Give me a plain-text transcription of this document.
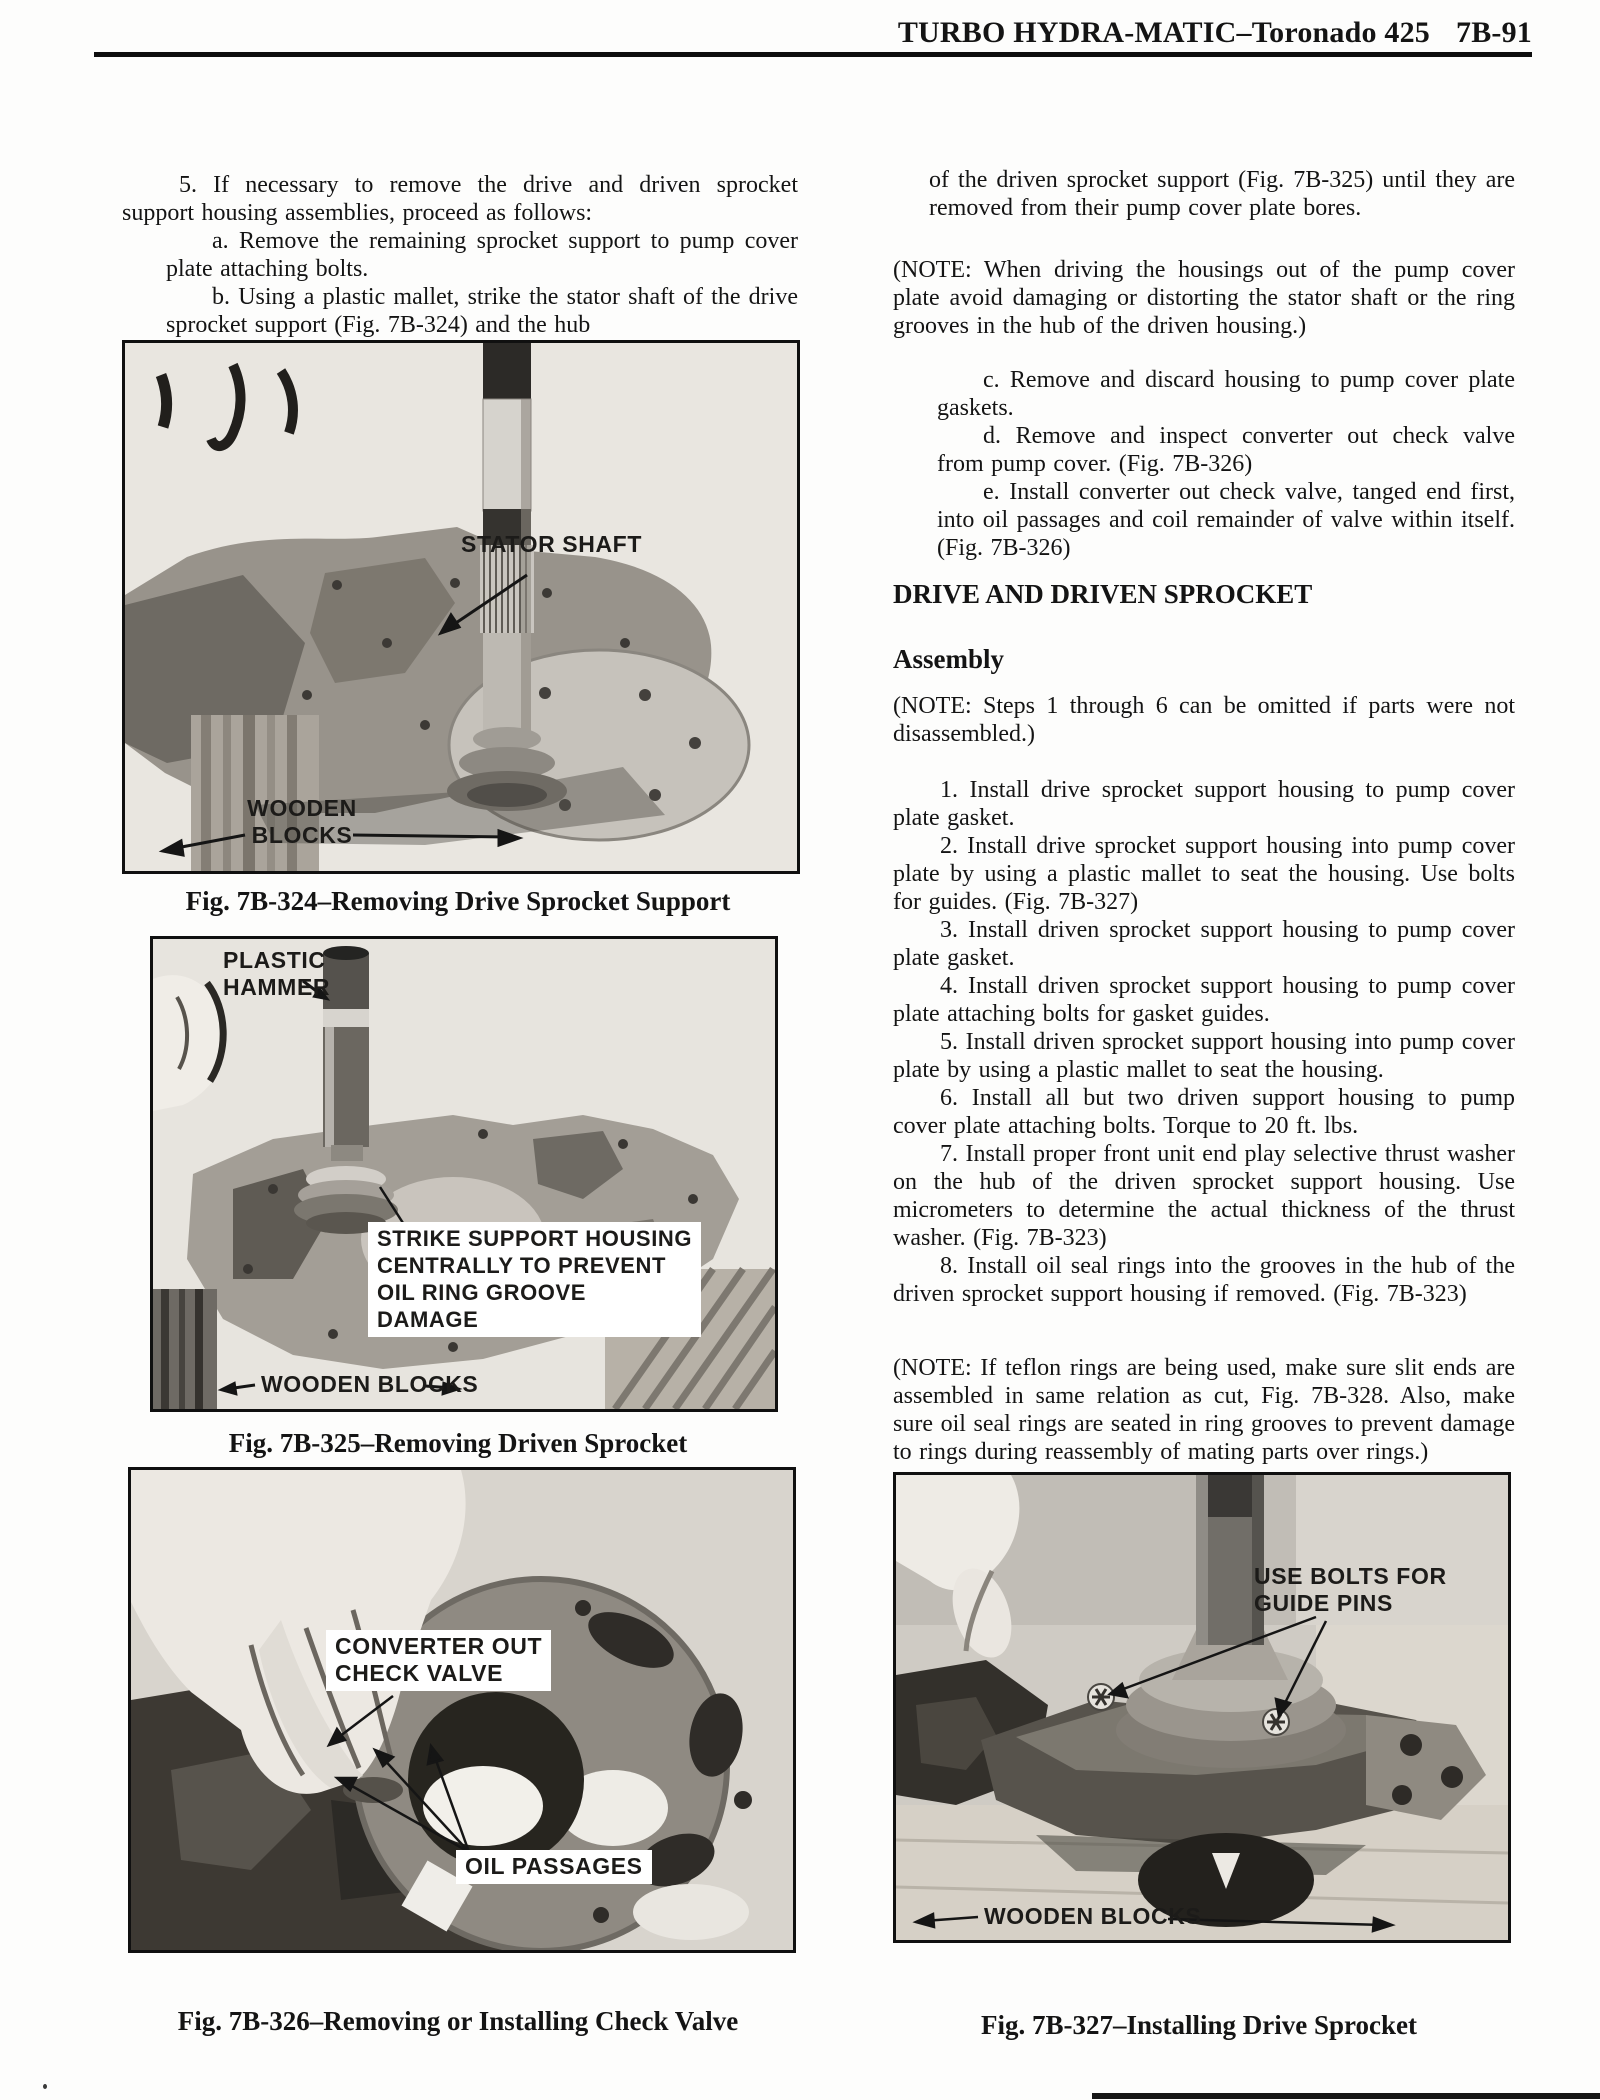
TURBO HYDRA-MATIC–Toronado 425 7B-91

5. If necessary to remove the drive and driven sprocket support housing assemblies, proceed as follows:

a. Remove the remaining sprocket support to pump cover plate attaching bolts.

b. Using a plastic mallet, strike the stator shaft of the drive sprocket support (Fig. 7B-324) and the hub

of the driven sprocket support (Fig. 7B-325) until they are removed from their pump cover plate bores.

(NOTE: When driving the housings out of the pump cover plate avoid damaging or distorting the stator shaft or the ring grooves in the hub of the driven housing.)

c. Remove and discard housing to pump cover plate gaskets.

d. Remove and inspect converter out check valve from pump cover. (Fig. 7B-326)

e. Install converter out check valve, tanged end first, into oil passages and coil remainder of valve within itself. (Fig. 7B-326)

DRIVE AND DRIVEN SPROCKET
Assembly

(NOTE: Steps 1 through 6 can be omitted if parts were not disassembled.)

1. Install drive sprocket support housing to pump cover plate gasket.

2. Install drive sprocket support housing into pump cover plate by using a plastic mallet to seat the housing. Use bolts for guides. (Fig. 7B-327)

3. Install driven sprocket support housing to pump cover plate gasket.

4. Install driven sprocket support housing to pump cover plate attaching bolts for gasket guides.

5. Install driven sprocket support housing into pump cover plate by using a plastic mallet to seat the housing.

6. Install all but two driven support housing to pump cover plate attaching bolts. Torque to 20 ft. lbs.

7. Install proper front unit end play selective thrust washer on the hub of the driven sprocket support housing. Use micrometers to determine the actual thickness of the thrust washer. (Fig. 7B-323)

8. Install oil seal rings into the grooves in the hub of the driven sprocket support housing if removed. (Fig. 7B-323)

(NOTE: If teflon rings are being used, make sure slit ends are assembled in same relation as cut, Fig. 7B-328. Also, make sure oil seal rings are seated in ring grooves to prevent damage to rings during reassembly of mating parts over rings.)

STATOR SHAFT
WOODEN
BLOCKS
Fig. 7B-324–Removing Drive Sprocket Support
PLASTIC
HAMMER
STRIKE SUPPORT HOUSING
CENTRALLY TO PREVENT
OIL RING GROOVE
DAMAGE
WOODEN BLOCKS
Fig. 7B-325–Removing Driven Sprocket
CONVERTER OUT
CHECK VALVE
OIL PASSAGES
Fig. 7B-326–Removing or Installing Check Valve
USE BOLTS FOR
GUIDE PINS
WOODEN BLOCKS
Fig. 7B-327–Installing Drive Sprocket
